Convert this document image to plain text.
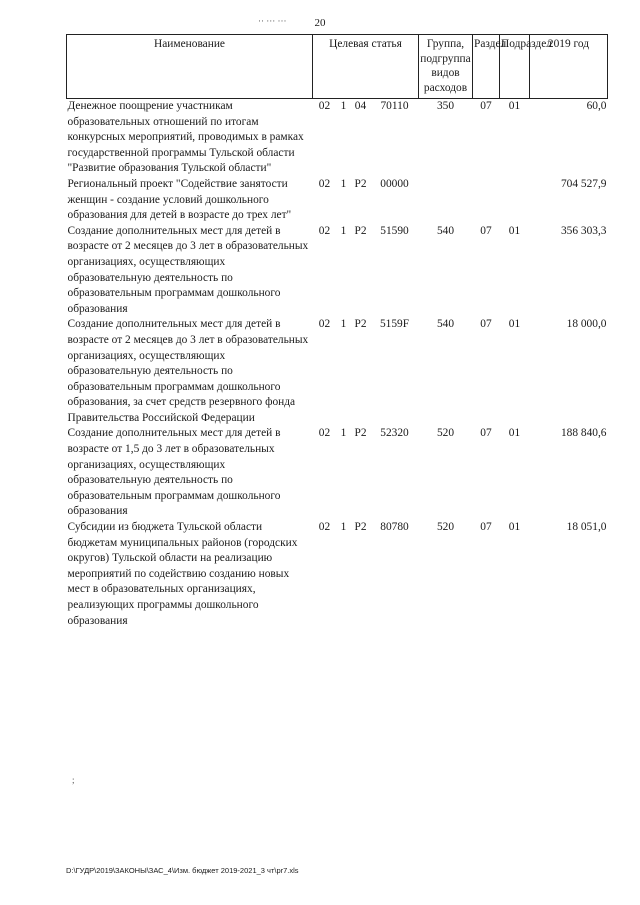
20
Наименование	Целевая статья				Группа, подгруппа видов расходов	Раздел	Подраздел	2019 год
Денежное поощрение участникам образовательных отношений по итогам конкурсных мероприятий, проводимых в рамках государственной программы Тульской области "Развитие образования Тульской области"	02	1	04	70110	350	07	01	60,0
Региональный проект "Содействие занятости женщин - создание условий дошкольного образования для детей в возрасте до трех лет"	02	1	P2	00000				704 527,9
Создание дополнительных мест для детей в возрасте от 2 месяцев до 3 лет в образовательных организациях, осуществляющих образовательную деятельность по образовательным программам дошкольного образования	02	1	P2	51590	540	07	01	356 303,3
Создание дополнительных мест для детей в возрасте от 2 месяцев до 3 лет в образовательных организациях, осуществляющих образовательную деятельность по образовательным программам дошкольного образования, за счет средств резервного фонда Правительства Российской Федерации	02	1	P2	5159F	540	07	01	18 000,0
Создание дополнительных мест для детей в возрасте от 1,5 до 3 лет в образовательных организациях, осуществляющих образовательную деятельность по образовательным программам дошкольного образования	02	1	P2	52320	520	07	01	188 840,6
Субсидии из бюджета Тульской области бюджетам муниципальных районов (городских округов) Тульской области на реализацию мероприятий по содействию созданию новых мест в образовательных организациях, реализующих программы дошкольного образования	02	1	P2	80780	520	07	01	18 051,0
·· ··· ···
;
D:\ГУДР\2019\ЗАКОНЫ\ЗАС_4\Изм. бюджет 2019-2021_3 чт\pr7.xls
